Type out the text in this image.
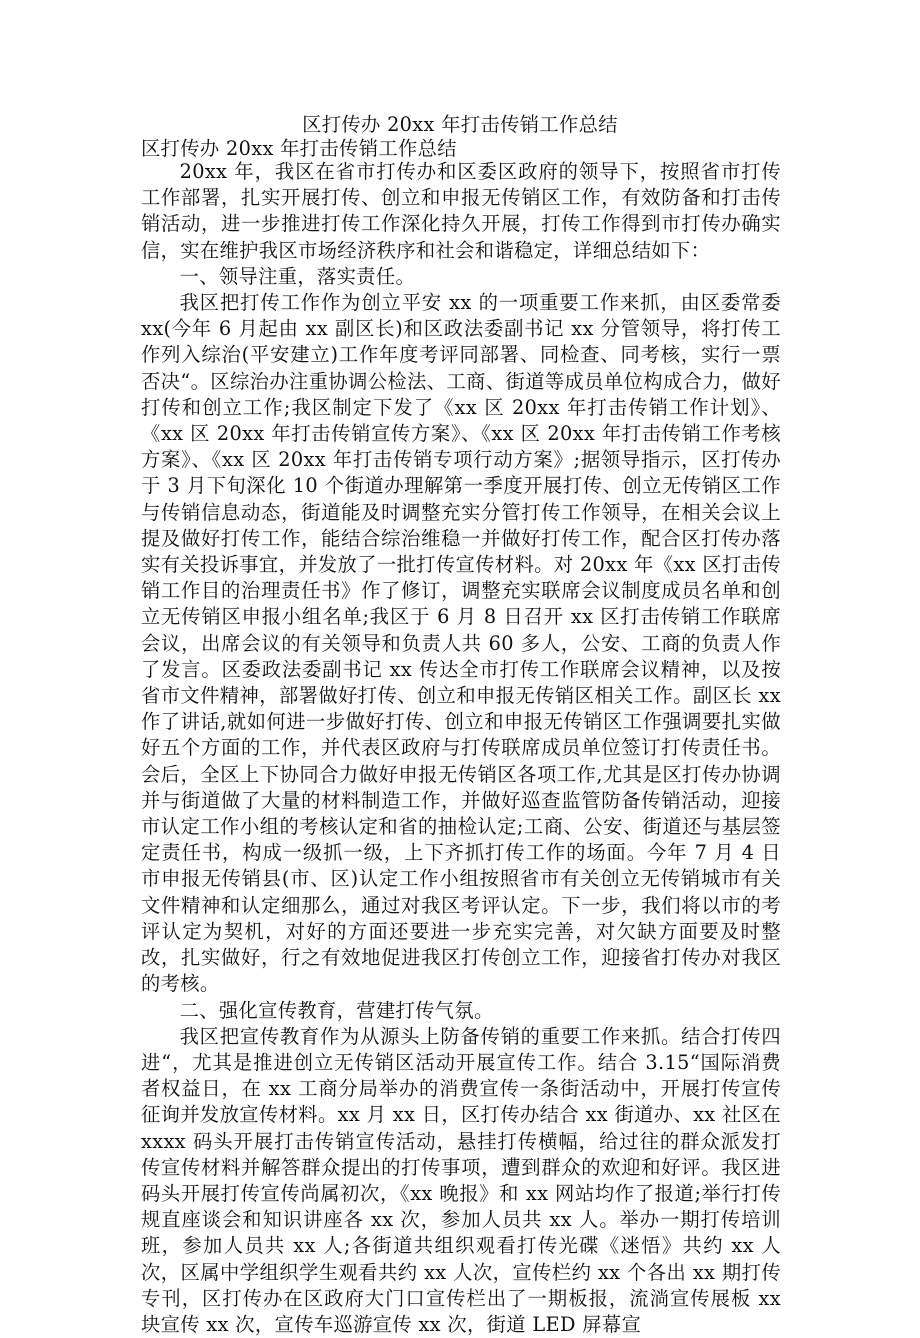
区打传办 20xx 年打击传销工作总结
区打传办 20xx 年打击传销工作总结

20xx 年，我区在省市打传办和区委区政府的领导下，按照省市打传工作部署，扎实开展打传、创立和申报无传销区工作，有效防备和打击传销活动，进一步推进打传工作深化持久开展，打传工作得到市打传办确实信，实在维护我区市场经济秩序和社会和谐稳定，详细总结如下：

一、领导注重，落实责任。

我区把打传工作作为创立平安 xx 的一项重要工作来抓，由区委常委 xx(今年 6 月起由 xx 副区长)和区政法委副书记 xx 分管领导，将打传工作列入综治(平安建立)工作年度考评同部署、同检查、同考核，实行一票否决“。区综治办注重协调公检法、工商、街道等成员单位构成合力，做好打传和创立工作;我区制定下发了《xx 区 20xx 年打击传销工作计划》、《xx 区 20xx 年打击传销宣传方案》、《xx 区 20xx 年打击传销工作考核方案》、《xx 区 20xx 年打击传销专项行动方案》;据领导指示，区打传办于 3 月下旬深化 10 个街道办理解第一季度开展打传、创立无传销区工作与传销信息动态，街道能及时调整充实分管打传工作领导，在相关会议上提及做好打传工作，能结合综治维稳一并做好打传工作，配合区打传办落实有关投诉事宜，并发放了一批打传宣传材料。对 20xx 年《xx 区打击传销工作目的治理责任书》作了修订，调整充实联席会议制度成员名单和创立无传销区申报小组名单;我区于 6 月 8 日召开 xx 区打击传销工作联席会议，出席会议的有关领导和负责人共 60 多人，公安、工商的负责人作了发言。区委政法委副书记 xx 传达全市打传工作联席会议精神，以及按省市文件精神，部署做好打传、创立和申报无传销区相关工作。副区长 xx 作了讲话,就如何进一步做好打传、创立和申报无传销区工作强调要扎实做好五个方面的工作，并代表区政府与打传联席成员单位签订打传责任书。会后，全区上下协同合力做好申报无传销区各项工作,尤其是区打传办协调并与街道做了大量的材料制造工作，并做好巡查监管防备传销活动，迎接市认定工作小组的考核认定和省的抽检认定;工商、公安、街道还与基层签定责任书，构成一级抓一级，上下齐抓打传工作的场面。今年 7 月 4 日市申报无传销县(市、区)认定工作小组按照省市有关创立无传销城市有关文件精神和认定细那么，通过对我区考评认定。下一步，我们将以市的考评认定为契机，对好的方面还要进一步充实完善，对欠缺方面要及时整改，扎实做好，行之有效地促进我区打传创立工作，迎接省打传办对我区的考核。

二、强化宣传教育，营建打传气氛。

我区把宣传教育作为从源头上防备传销的重要工作来抓。结合打传四进“，尤其是推进创立无传销区活动开展宣传工作。结合 3.15“国际消费者权益日，在 xx 工商分局举办的消费宣传一条街活动中，开展打传宣传征询并发放宣传材料。xx 月 xx 日，区打传办结合 xx 街道办、xx 社区在 xxxx 码头开展打击传销宣传活动，悬挂打传横幅，给过往的群众派发打传宣传材料并解答群众提出的打传事项，遭到群众的欢迎和好评。我区进码头开展打传宣传尚属初次，《xx 晚报》和 xx 网站均作了报道;举行打传规直座谈会和知识讲座各 xx 次，参加人员共 xx 人。举办一期打传培训班，参加人员共 xx 人;各街道共组织观看打传光碟《迷悟》共约 xx 人次，区属中学组织学生观看共约 xx 人次，宣传栏约 xx 个各出 xx 期打传专刊，区打传办在区政府大门口宣传栏出了一期板报，流淌宣传展板 xx 块宣传 xx 次，宣传车巡游宣传 xx 次，街道 LED 屏幕宣
